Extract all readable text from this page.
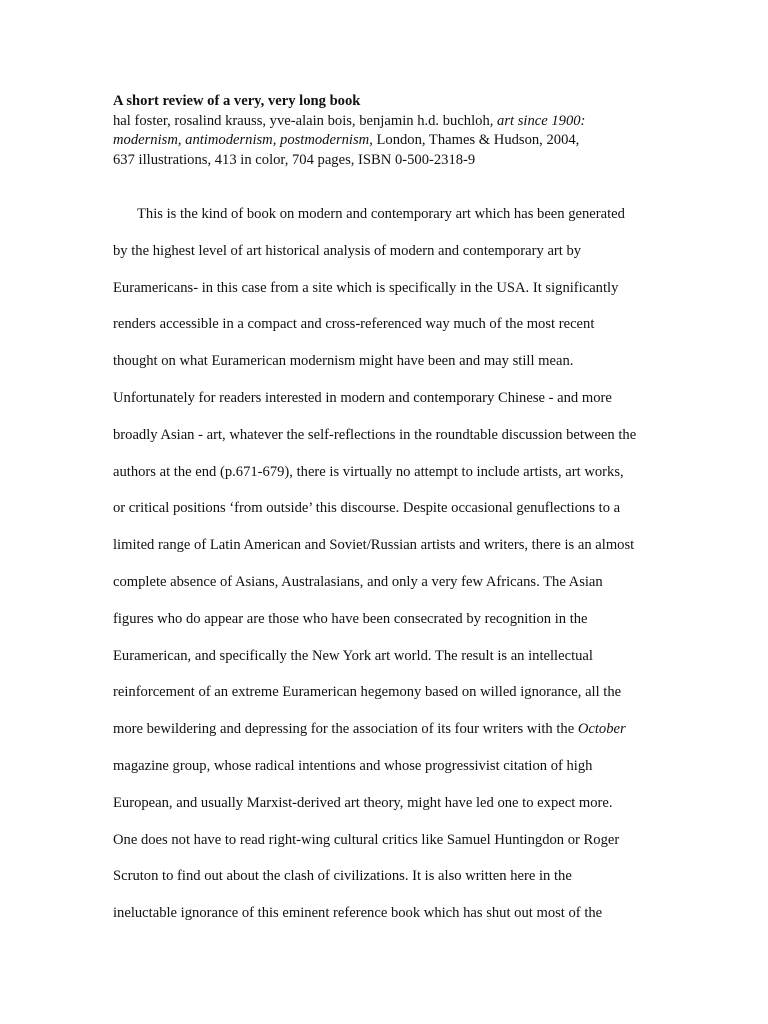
A short review of a very, very long book
hal foster, rosalind krauss, yve-alain bois, benjamin h.d. buchloh, art since 1900:
modernism, antimodernism, postmodernism, London, Thames & Hudson, 2004,
637 illustrations, 413 in color, 704 pages, ISBN 0-500-2318-9
This is the kind of book on modern and contemporary art which has been generated
by the highest level of art historical analysis of modern and contemporary art by
Euramericans- in this case from a site which is specifically in the USA. It significantly
renders accessible in a compact and cross-referenced way much of the most recent
thought on what Euramerican modernism might have been and may still mean.
Unfortunately for readers interested in modern and contemporary Chinese - and more
broadly Asian - art, whatever the self-reflections in the roundtable discussion between the
authors at the end (p.671-679), there is virtually no attempt to include artists, art works,
or critical positions ‘from outside’ this discourse. Despite occasional genuflections to a
limited range of Latin American and Soviet/Russian artists and writers, there is an almost
complete absence of Asians, Australasians, and only a very few Africans. The Asian
figures who do appear are those who have been consecrated by recognition in the
Euramerican, and specifically the New York art world. The result is an intellectual
reinforcement of an extreme Euramerican hegemony based on willed ignorance, all the
more bewildering and depressing for the association of its four writers with the October
magazine group, whose radical intentions and whose progressivist citation of high
European, and usually Marxist-derived art theory, might have led one to expect more.
One does not have to read right-wing cultural critics like Samuel Huntingdon or Roger
Scruton to find out about the clash of civilizations. It is also written here in the
ineluctable ignorance of this eminent reference book which has shut out most of the
